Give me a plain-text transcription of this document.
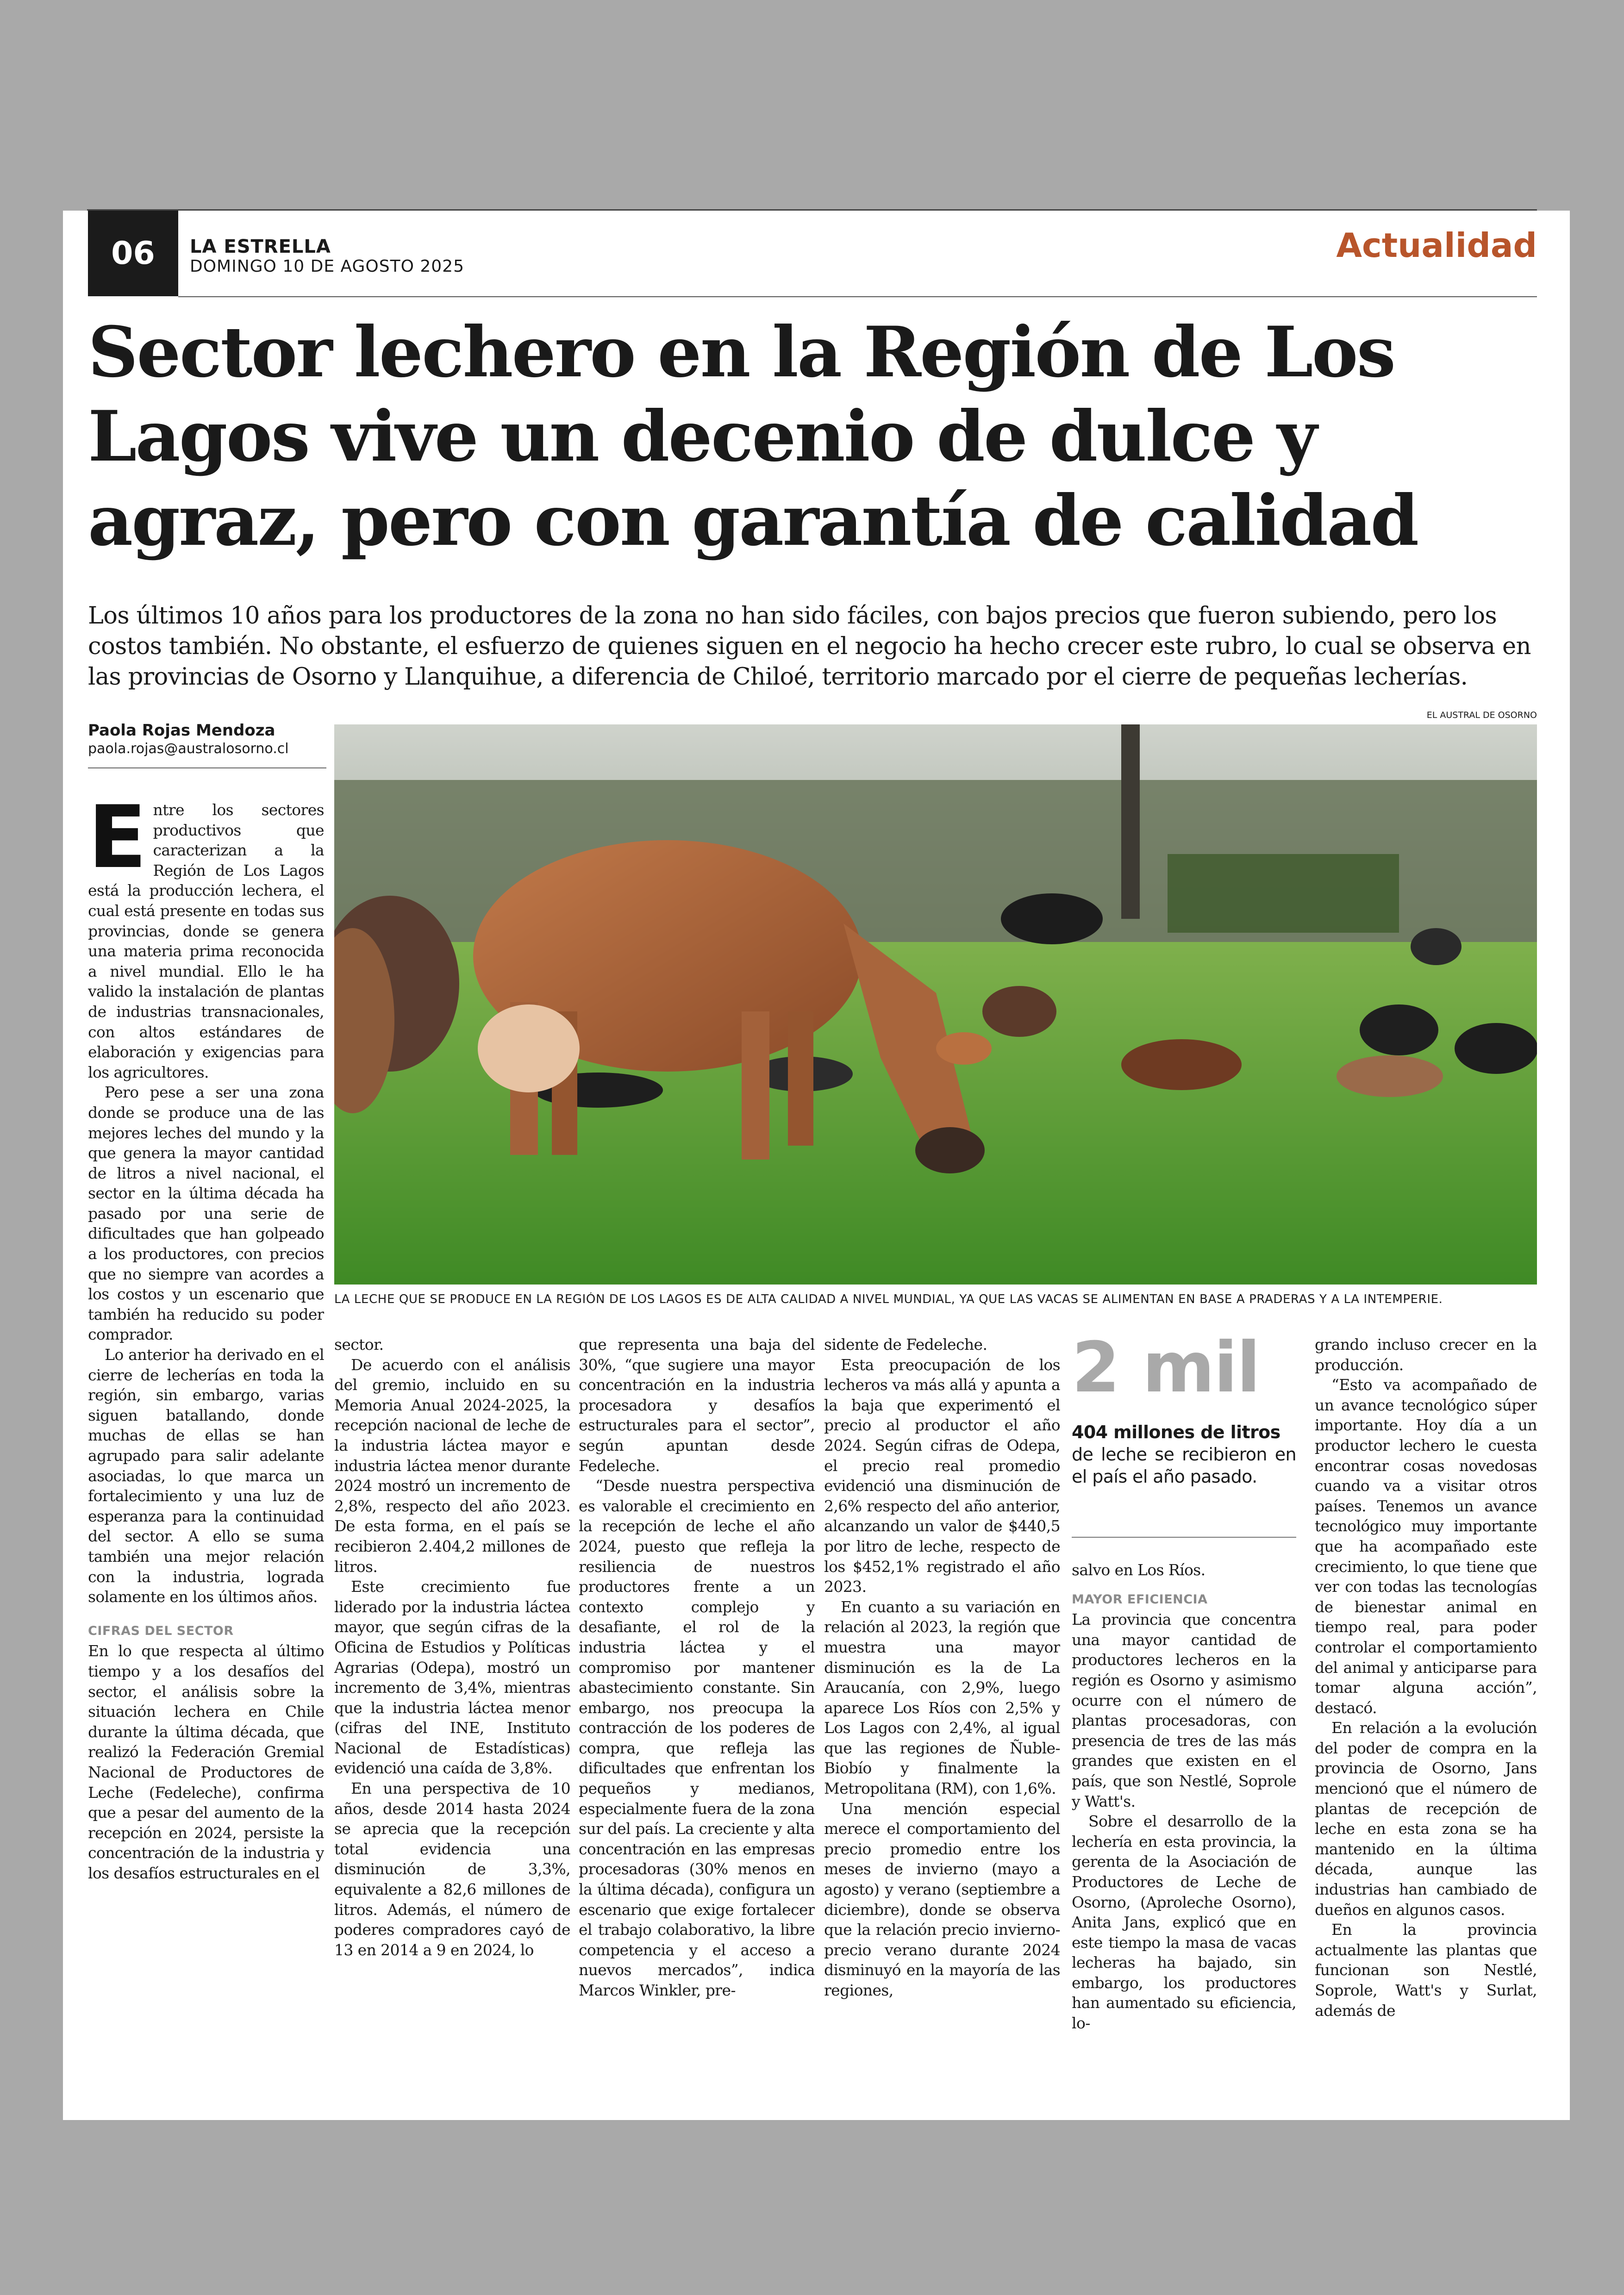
06	LA ESTRELLA
DOMINGO 10 DE AGOSTO 2025
Actualidad
Sector lechero en la Región de Los Lagos vive un decenio de dulce y agraz, pero con garantía de calidad

Los últimos 10 años para los productores de la zona no han sido fáciles, con bajos precios que fueron subiendo, pero los costos también. No obstante, el esfuerzo de quienes siguen en el negocio ha hecho crecer este rubro, lo cual se observa en las provincias de Osorno y Llanquihue, a diferencia de Chiloé, territorio marcado por el cierre de pequeñas lecherías.

Paola Rojas Mendoza
paola.rojas@australosorno.cl
EL AUSTRAL DE OSORNO
LA LECHE QUE SE PRODUCE EN LA REGIÓN DE LOS LAGOS ES DE ALTA CALIDAD A NIVEL MUNDIAL, YA QUE LAS VACAS SE ALIMENTAN EN BASE A PRADERAS Y A LA INTEMPERIE.

Entre los sectores productivos que caracterizan a la Región de Los Lagos está la producción lechera, el cual está presente en todas sus provincias, donde se genera una materia prima reconocida a nivel mundial. Ello le ha valido la instalación de plantas de industrias transnacionales, con altos estándares de elaboración y exigencias para los agricultores.

Pero pese a ser una zona donde se produce una de las mejores leches del mundo y la que genera la mayor cantidad de litros a nivel nacional, el sector en la última década ha pasado por una serie de dificultades que han golpeado a los productores, con precios que no siempre van acordes a los costos y un escenario que también ha reducido su poder comprador.

Lo anterior ha derivado en el cierre de lecherías en toda la región, sin embargo, varias siguen batallando, donde muchas de ellas se han agrupado para salir adelante asociadas, lo que marca un fortalecimiento y una luz de esperanza para la continuidad del sector. A ello se suma también una mejor relación con la industria, lograda solamente en los últimos años.

CIFRAS DEL SECTOR

En lo que respecta al último tiempo y a los desafíos del sector, el análisis sobre la situación lechera en Chile durante la última década, que realizó la Federación Gremial Nacional de Productores de Leche (Fedeleche), confirma que a pesar del aumento de la recepción en 2024, persiste la concentración de la industria y los desafíos estructurales en el

sector.

De acuerdo con el análisis del gremio, incluido en su Memoria Anual 2024-2025, la recepción nacional de leche de la industria láctea mayor e industria láctea menor durante 2024 mostró un incremento de 2,8%, respecto del año 2023. De esta forma, en el país se recibieron 2.404,2 millones de litros.

Este crecimiento fue liderado por la industria láctea mayor, que según cifras de la Oficina de Estudios y Políticas Agrarias (Odepa), mostró un incremento de 3,4%, mientras que la industria láctea menor (cifras del INE, Instituto Nacional de Estadísticas) evidenció una caída de 3,8%.

En una perspectiva de 10 años, desde 2014 hasta 2024 se aprecia que la recepción total evidencia una disminución de 3,3%, equivalente a 82,6 millones de litros. Además, el número de poderes compradores cayó de 13 en 2014 a 9 en 2024, lo

que representa una baja del 30%, “que sugiere una mayor concentración en la industria procesadora y desafíos estructurales para el sector”, según apuntan desde Fedeleche.

“Desde nuestra perspectiva es valorable el crecimiento en la recepción de leche el año 2024, puesto que refleja la resiliencia de nuestros productores frente a un contexto complejo y desafiante, el rol de la industria láctea y el compromiso por mantener abastecimiento constante. Sin embargo, nos preocupa la contracción de los poderes de compra, que refleja las dificultades que enfrentan los pequeños y medianos, especialmente fuera de la zona sur del país. La creciente y alta concentración en las empresas procesadoras (30% menos en la última década), configura un escenario que exige fortalecer el trabajo colaborativo, la libre competencia y el acceso a nuevos mercados”, indica Marcos Winkler, pre-

sidente de Fedeleche.

Esta preocupación de los lecheros va más allá y apunta a la baja que experimentó el precio al productor el año 2024. Según cifras de Odepa, el precio real promedio evidenció una disminución de 2,6% respecto del año anterior, alcanzando un valor de $440,5 por litro de leche, respecto de los $452,1% registrado el año 2023.

En cuanto a su variación en relación al 2023, la región que muestra una mayor disminución es la de La Araucanía, con 2,9%, luego aparece Los Ríos con 2,5% y Los Lagos con 2,4%, al igual que las regiones de Ñuble-Biobío y finalmente la Metropolitana (RM), con 1,6%.

Una mención especial merece el comportamiento del precio promedio entre los meses de invierno (mayo a agosto) y verano (septiembre a diciembre), donde se observa que la relación precio invierno-precio verano durante 2024 disminuyó en la mayoría de las regiones,

2 mil
404 millones de litros
de leche se recibieron en el país el año pasado.

salvo en Los Ríos.

MAYOR EFICIENCIA

La provincia que concentra una mayor cantidad de productores lecheros en la región es Osorno y asimismo ocurre con el número de plantas procesadoras, con presencia de tres de las más grandes que existen en el país, que son Nestlé, Soprole y Watt's.

Sobre el desarrollo de la lechería en esta provincia, la gerenta de la Asociación de Productores de Leche de Osorno, (Aproleche Osorno), Anita Jans, explicó que en este tiempo la masa de vacas lecheras ha bajado, sin embargo, los productores han aumentado su eficiencia, lo-

grando incluso crecer en la producción.

“Esto va acompañado de un avance tecnológico súper importante. Hoy día a un productor lechero le cuesta encontrar cosas novedosas cuando va a visitar otros países. Tenemos un avance tecnológico muy importante que ha acompañado este crecimiento, lo que tiene que ver con todas las tecnologías de bienestar animal en tiempo real, para poder controlar el comportamiento del animal y anticiparse para tomar alguna acción”, destacó.

En relación a la evolución del poder de compra en la provincia de Osorno, Jans mencionó que el número de plantas de recepción de leche en esta zona se ha mantenido en la última década, aunque las industrias han cambiado de dueños en algunos casos.

En la provincia actualmente las plantas que funcionan son Nestlé, Soprole, Watt's y Surlat, además de
